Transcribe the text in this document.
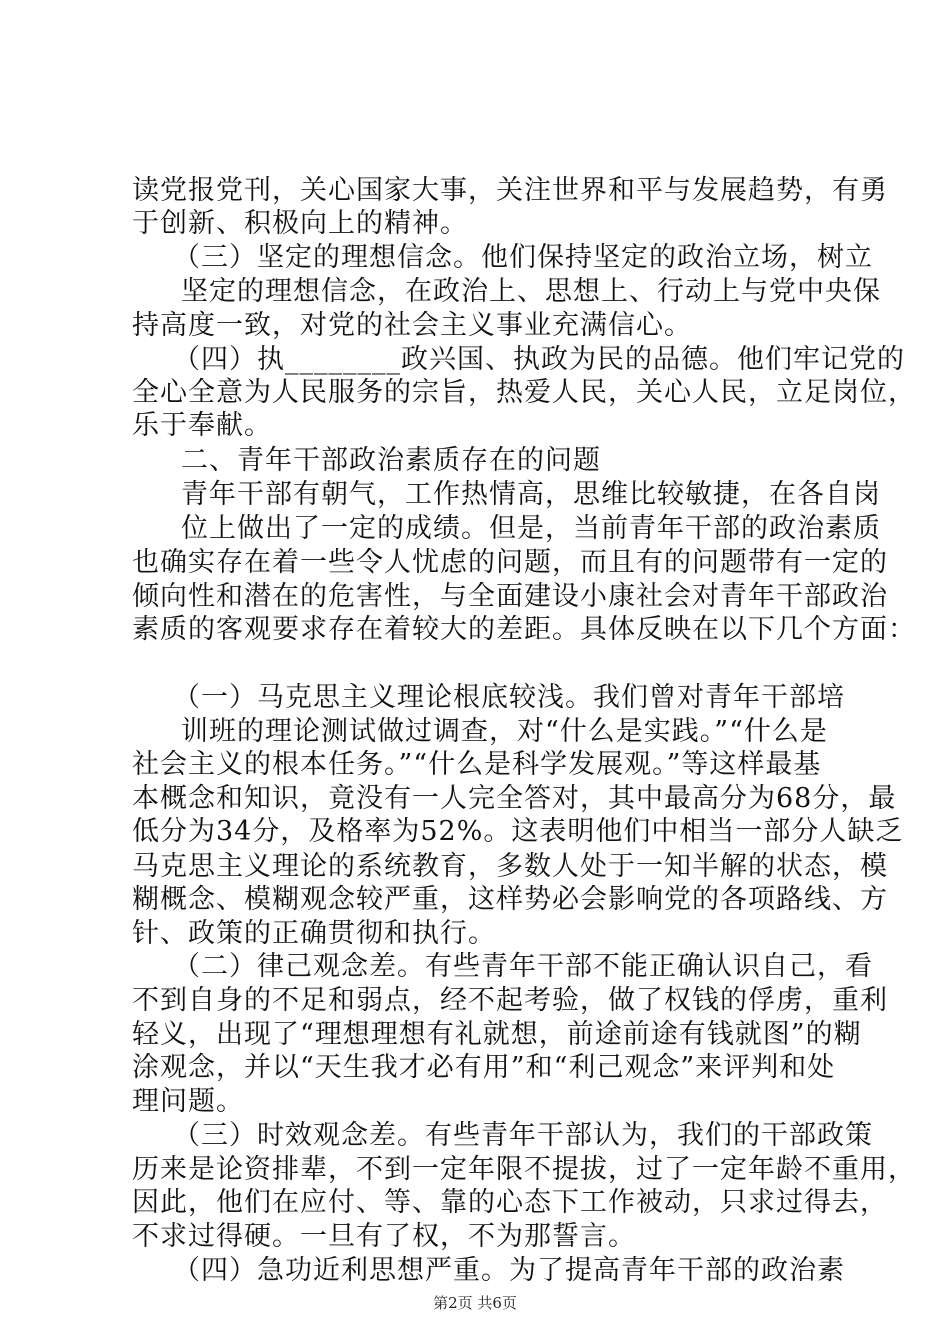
读党报党刊，关心国家大事，关注世界和平与发展趋势，有勇
于创新、积极向上的精神。
（三）坚定的理想信念。他们保持坚定的政治立场，树立
坚定的理想信念，在政治上、思想上、行动上与党中央保
持高度一致，对党的社会主义事业充满信心。
（四）执________政兴国、执政为民的品德。他们牢记党的
全心全意为人民服务的宗旨，热爱人民，关心人民，立足岗位，
乐于奉献。
二、青年干部政治素质存在的问题
青年干部有朝气，工作热情高，思维比较敏捷，在各自岗
位上做出了一定的成绩。但是，当前青年干部的政治素质
也确实存在着一些令人忧虑的问题，而且有的问题带有一定的
倾向性和潜在的危害性，与全面建设小康社会对青年干部政治
素质的客观要求存在着较大的差距。具体反映在以下几个方面：
（一）马克思主义理论根底较浅。我们曾对青年干部培
训班的理论测试做过调查，对“什么是实践。”“什么是
社会主义的根本任务。”“什么是科学发展观。”等这样最基
本概念和知识，竟没有一人完全答对，其中最高分为68分，最
低分为34分，及格率为52%。这表明他们中相当一部分人缺乏
马克思主义理论的系统教育，多数人处于一知半解的状态，模
糊概念、模糊观念较严重，这样势必会影响党的各项路线、方
针、政策的正确贯彻和执行。
（二）律己观念差。有些青年干部不能正确认识自己，看
不到自身的不足和弱点，经不起考验，做了权钱的俘虏，重利
轻义，出现了“理想理想有礼就想，前途前途有钱就图”的糊
涂观念，并以“天生我才必有用”和“利己观念”来评判和处
理问题。
（三）时效观念差。有些青年干部认为，我们的干部政策
历来是论资排辈，不到一定年限不提拔，过了一定年龄不重用，
因此，他们在应付、等、靠的心态下工作被动，只求过得去，
不求过得硬。一旦有了权，不为那誓言。
（四）急功近利思想严重。为了提高青年干部的政治素
第2页 共6页
